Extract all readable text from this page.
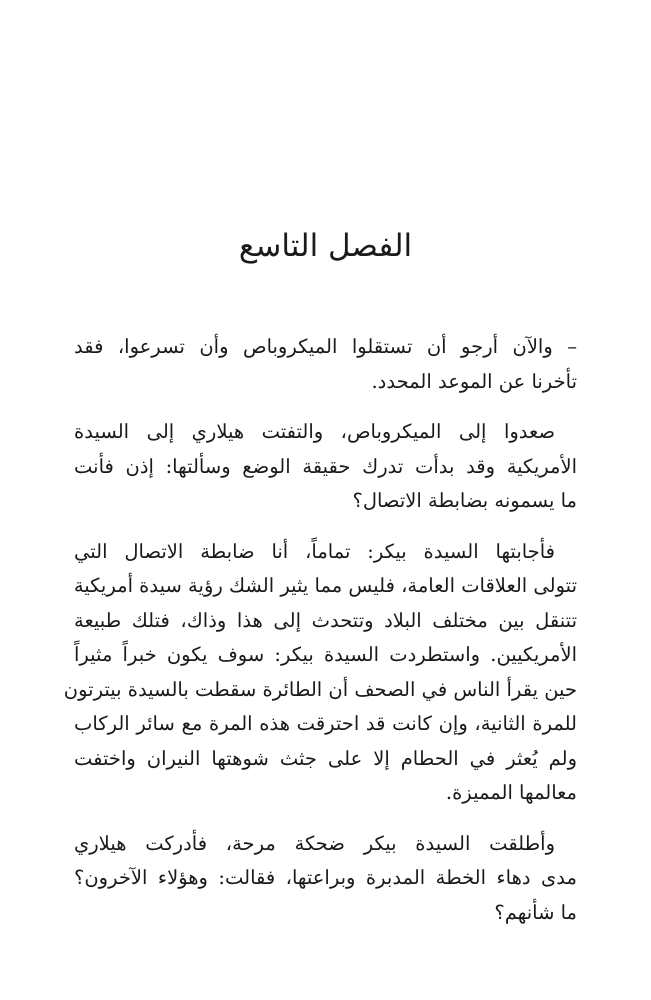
الفصل التاسع

– والآن أرجو أن تستقلوا الميكروباص وأن تسرعوا، فقد
تأخرنا عن الموعد المحدد.

صعدوا إلى الميكروباص، والتفتت هيلاري إلى السيدة
الأمريكية وقد بدأت تدرك حقيقة الوضع وسألتها: إذن فأنت
ما يسمونه بضابطة الاتصال؟

فأجابتها السيدة بيكر: تماماً، أنا ضابطة الاتصال التي
تتولى العلاقات العامة، فليس مما يثير الشك رؤية سيدة أمريكية
تتنقل بين مختلف البلاد وتتحدث إلى هذا وذاك، فتلك طبيعة
الأمريكيين. واستطردت السيدة بيكر: سوف يكون خبراً مثيراً
حين يقرأ الناس في الصحف أن الطائرة سقطت بالسيدة بيترتون
للمرة الثانية، وإن كانت قد احترقت هذه المرة مع سائر الركاب
ولم يُعثر في الحطام إلا على جثث شوهتها النيران واختفت
معالمها المميزة.

وأطلقت السيدة بيكر ضحكة مرحة، فأدركت هيلاري
مدى دهاء الخطة المدبرة وبراعتها، فقالت: وهؤلاء الآخرون؟
ما شأنهم؟
